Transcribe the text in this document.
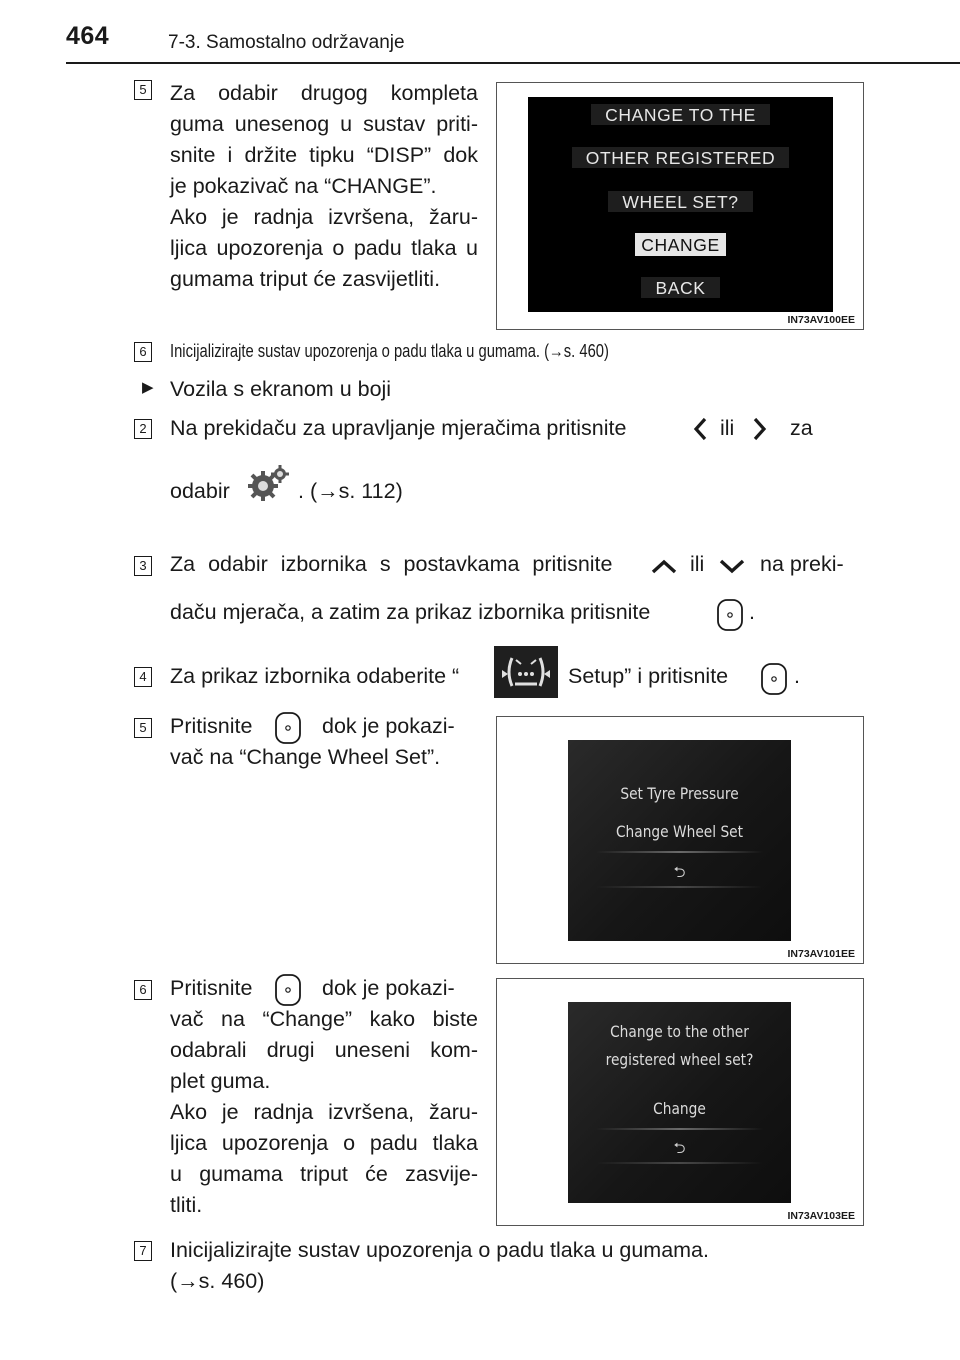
464	7-3. Samostalno održavanje
5 Za odabir drugog kompleta
guma unesenog u sustav priti-
snite i držite tipku “DISP” dok
je pokazivač na “CHANGE”.
Ako je radnja izvršena, žaru-
ljica upozorenja o padu tlaka u
gumama triput će zasvijetliti.
CHANGE TO THE
OTHER REGISTERED
WHEEL SET?
CHANGE
BACK
IN73AV100EE
6 Inicijalizirajte sustav upozorenja o padu tlaka u gumama. (→s. 460)
▶ Vozila s ekranom u boji
2 Na prekidaču za upravljanje mjeračima pritisnite	ili	za
odabir	. (→s. 112)
3 Za odabir izbornika s postavkama pritisnite	ili	na preki-
daču mjerača, a zatim za prikaz izbornika pritisnite	.
4 Za prikaz izbornika odaberite “	Setup” i pritisnite	.
5 Pritisnite	dok je pokazi-
vač na “Change Wheel Set”.
Set Tyre Pressure
Change Wheel Set
⮌
IN73AV101EE
6 Pritisnite	dok je pokazi-
vač na “Change” kako biste
odabrali drugi uneseni kom-
plet guma.
Ako je radnja izvršena, žaru-
ljica upozorenja o padu tlaka
u gumama triput će zasvije-
tliti.
Change to the other
registered wheel set?
Change
⮌
IN73AV103EE
7 Inicijalizirajte sustav upozorenja o padu tlaka u gumama.
(→s. 460)
